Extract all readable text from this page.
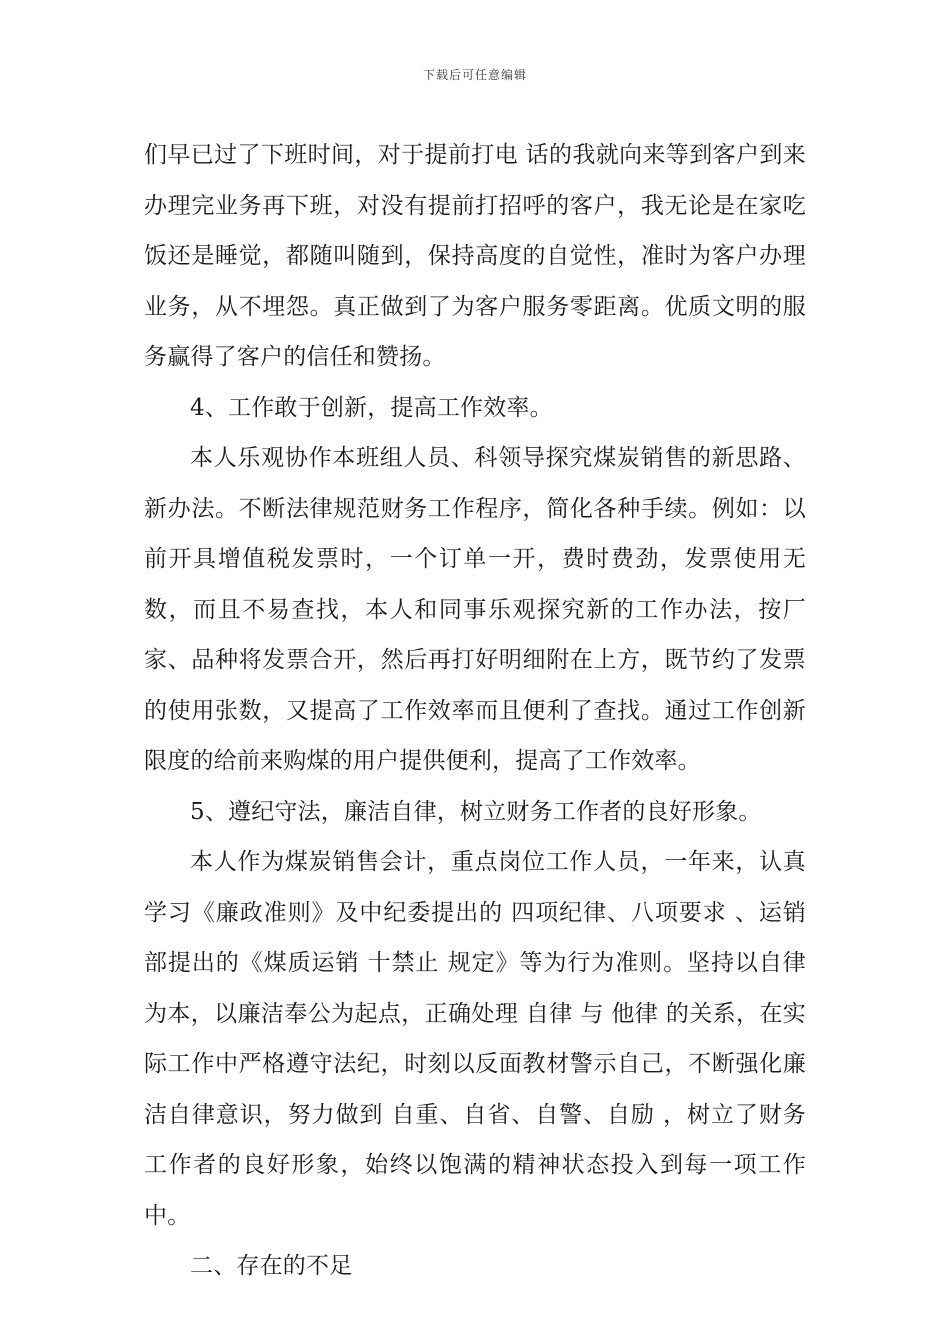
下载后可任意编辑

们早已过了下班时间，对于提前打电 话的我就向来等到客户到来办理完业务再下班，对没有提前打招呼的客户，我无论是在家吃饭还是睡觉，都随叫随到，保持高度的自觉性，准时为客户办理业务，从不埋怨。真正做到了为客户服务零距离。优质文明的服务赢得了客户的信任和赞扬。

4、工作敢于创新，提高工作效率。

本人乐观协作本班组人员、科领导探究煤炭销售的新思路、新办法。不断法律规范财务工作程序，简化各种手续。例如：以前开具增值税发票时，一个订单一开，费时费劲，发票使用无数，而且不易查找，本人和同事乐观探究新的工作办法，按厂家、品种将发票合开，然后再打好明细附在上方，既节约了发票的使用张数，又提高了工作效率而且便利了查找。通过工作创新限度的给前来购煤的用户提供便利，提高了工作效率。

5、遵纪守法，廉洁自律，树立财务工作者的良好形象。

本人作为煤炭销售会计，重点岗位工作人员，一年来，认真学习《廉政准则》及中纪委提出的 四项纪律、八项要求 、运销部提出的《煤质运销 十禁止 规定》等为行为准则。坚持以自律为本，以廉洁奉公为起点，正确处理 自律 与 他律 的关系，在实际工作中严格遵守法纪，时刻以反面教材警示自己，不断强化廉洁自律意识，努力做到 自重、自省、自警、自励 ，树立了财务工作者的良好形象，始终以饱满的精神状态投入到每一项工作中。

二、存在的不足
